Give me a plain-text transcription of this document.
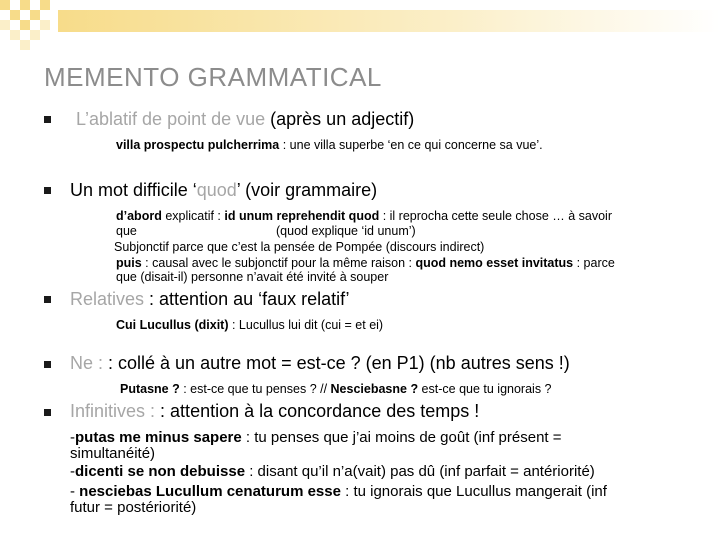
MEMENTO GRAMMATICAL
L’ablatif de point de vue (après un adjectif)
villa prospectu pulcherrima : une villa superbe ‘en ce qui concerne sa vue’.
Un mot difficile ‘quod’ (voir grammaire)
d’abord explicatif : id unum reprehendit quod : il reprocha cette seule chose … à savoir
que	(quod explique ‘id unum’)
Subjonctif parce que c’est la pensée de Pompée (discours indirect)
puis : causal avec le subjonctif pour la même raison : quod nemo esset invitatus : parce
que (disait-il) personne n’avait été invité à souper
Relatives : attention au ‘faux relatif’
Cui Lucullus (dixit) : Lucullus lui dit (cui = et ei)
Ne : : collé à un autre mot = est-ce ? (en P1) (nb autres sens !)
Putasne ? : est-ce que tu penses ? // Nesciebasne ? est-ce que tu ignorais ?
Infinitives : : attention à la concordance des temps !
-putas me minus sapere : tu penses que j’ai moins de goût (inf présent =
simultanéité)
-dicenti se non debuisse : disant qu’il n’a(vait) pas dû (inf parfait = antériorité)
- nesciebas Lucullum cenaturum esse : tu ignorais que Lucullus mangerait (inf
futur = postériorité)
